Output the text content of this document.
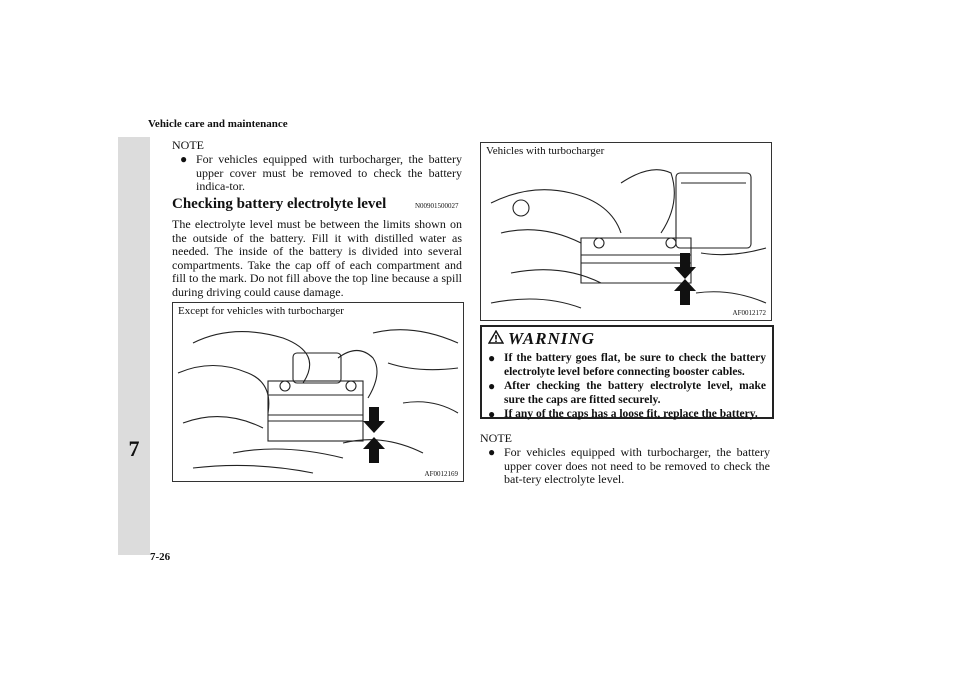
Vehicle care and maintenance
7
7-26
NOTE
● For vehicles equipped with turbocharger, the battery upper cover must be removed to check the battery indica-tor.
Checking battery electrolyte level	N00901500027
The electrolyte level must be between the limits shown on the outside of the battery. Fill it with distilled water as needed. The inside of the battery is divided into several compartments. Take the cap off of each compartment and fill to the mark. Do not fill above the top line because a spill during driving could cause damage.
Except for vehicles with turbocharger
AF0012169
Vehicles with turbocharger
AF0012172
WARNING
● If the battery goes flat, be sure to check the battery electrolyte level before connecting booster cables.
● After checking the battery electrolyte level, make sure the caps are fitted securely.
● If any of the caps has a loose fit, replace the battery.
NOTE
● For vehicles equipped with turbocharger, the battery upper cover does not need to be removed to check the bat-tery electrolyte level.
